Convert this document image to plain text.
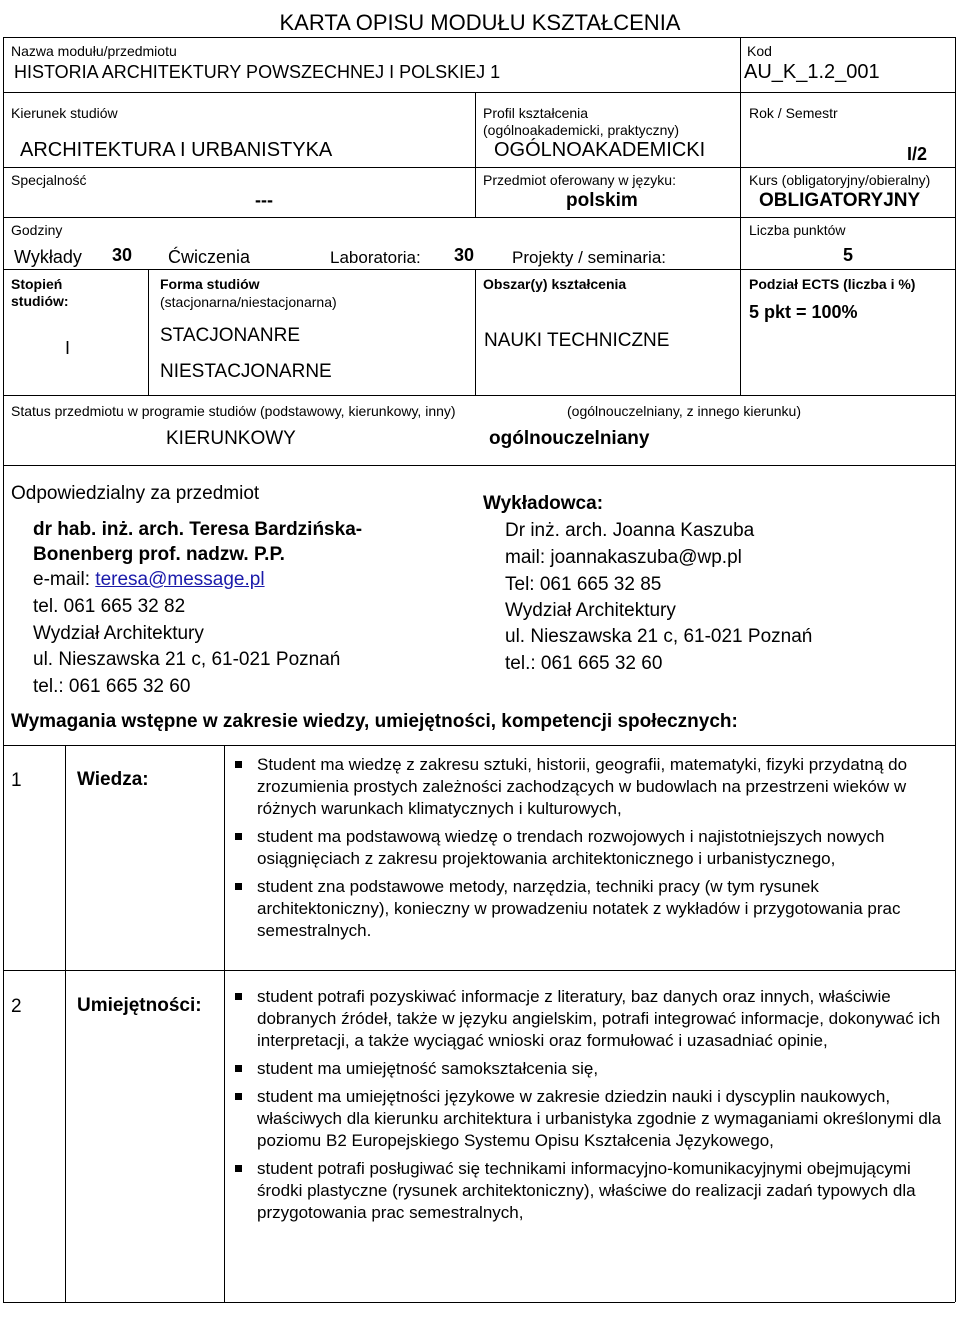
KARTA OPISU MODUŁU KSZTAŁCENIA
Nazwa modułu/przedmiotu
HISTORIA ARCHITEKTURY POWSZECHNEJ I POLSKIEJ 1
Kod
AU_K_1.2_001
Kierunek studiów
ARCHITEKTURA I URBANISTYKA
Profil kształcenia
(ogólnoakademicki, praktyczny)
OGÓLNOAKADEMICKI
Rok / Semestr
I/2
Specjalność
---
Przedmiot oferowany w języku:
polskim
Kurs (obligatoryjny/obieralny)
OBLIGATORYJNY
Godziny
Wykłady 30 Ćwiczenia	Laboratoria: 30 Projekty / seminaria:
Liczba punktów
5
Stopień
studiów:
I
Forma studiów
(stacjonarna/niestacjonarna)
STACJONANRE
NIESTACJONARNE
Obszar(y) kształcenia
NAUKI TECHNICZNE
Podział ECTS (liczba i %)
5 pkt = 100%
Status przedmiotu w programie studiów (podstawowy, kierunkowy, inny)
KIERUNKOWY
(ogólnouczelniany, z innego kierunku)
ogólnouczelniany
Odpowiedzialny za przedmiot
dr hab. inż. arch. Teresa Bardzińska-
Bonenberg prof. nadzw. P.P.
e-mail: teresa@message.pl
tel. 061 665 32 82
Wydział Architektury
ul. Nieszawska 21 c, 61-021 Poznań
tel.: 061 665 32 60
Wykładowca:
Dr inż. arch. Joanna Kaszuba
mail: joannakaszuba@wp.pl
Tel: 061 665 32 85
Wydział Architektury
ul. Nieszawska 21 c, 61-021 Poznań
tel.: 061 665 32 60
Wymagania wstępne w zakresie wiedzy, umiejętności, kompetencji społecznych:
1	Wiedza:
Student ma wiedzę z zakresu sztuki, historii, geografii, matematyki, fizyki przydatną do zrozumienia prostych zależności zachodzących w budowlach na przestrzeni wieków w różnych warunkach klimatycznych i kulturowych,
student ma podstawową wiedzę o trendach rozwojowych i najistotniejszych nowych osiągnięciach z zakresu projektowania architektonicznego i urbanistycznego,
student zna podstawowe metody, narzędzia, techniki pracy (w tym rysunek architektoniczny), konieczny w prowadzeniu notatek z wykładów i przygotowania prac semestralnych.
2	Umiejętności:	student potrafi pozyskiwać informacje z literatury, baz danych oraz innych, właściwie dobranych źródeł, także w języku angielskim, potrafi integrować informacje, dokonywać ich interpretacji, a także wyciągać wnioski oraz formułować i uzasadniać opinie,
student ma umiejętność samokształcenia się,
student ma umiejętności językowe w zakresie dziedzin nauki i dyscyplin naukowych, właściwych dla kierunku architektura i urbanistyka zgodnie z wymaganiami określonymi dla poziomu B2 Europejskiego Systemu Opisu Kształcenia Językowego,
student potrafi posługiwać się technikami informacyjno-komunikacyjnymi obejmującymi środki plastyczne (rysunek architektoniczny), właściwe do realizacji zadań typowych dla przygotowania prac semestralnych,
